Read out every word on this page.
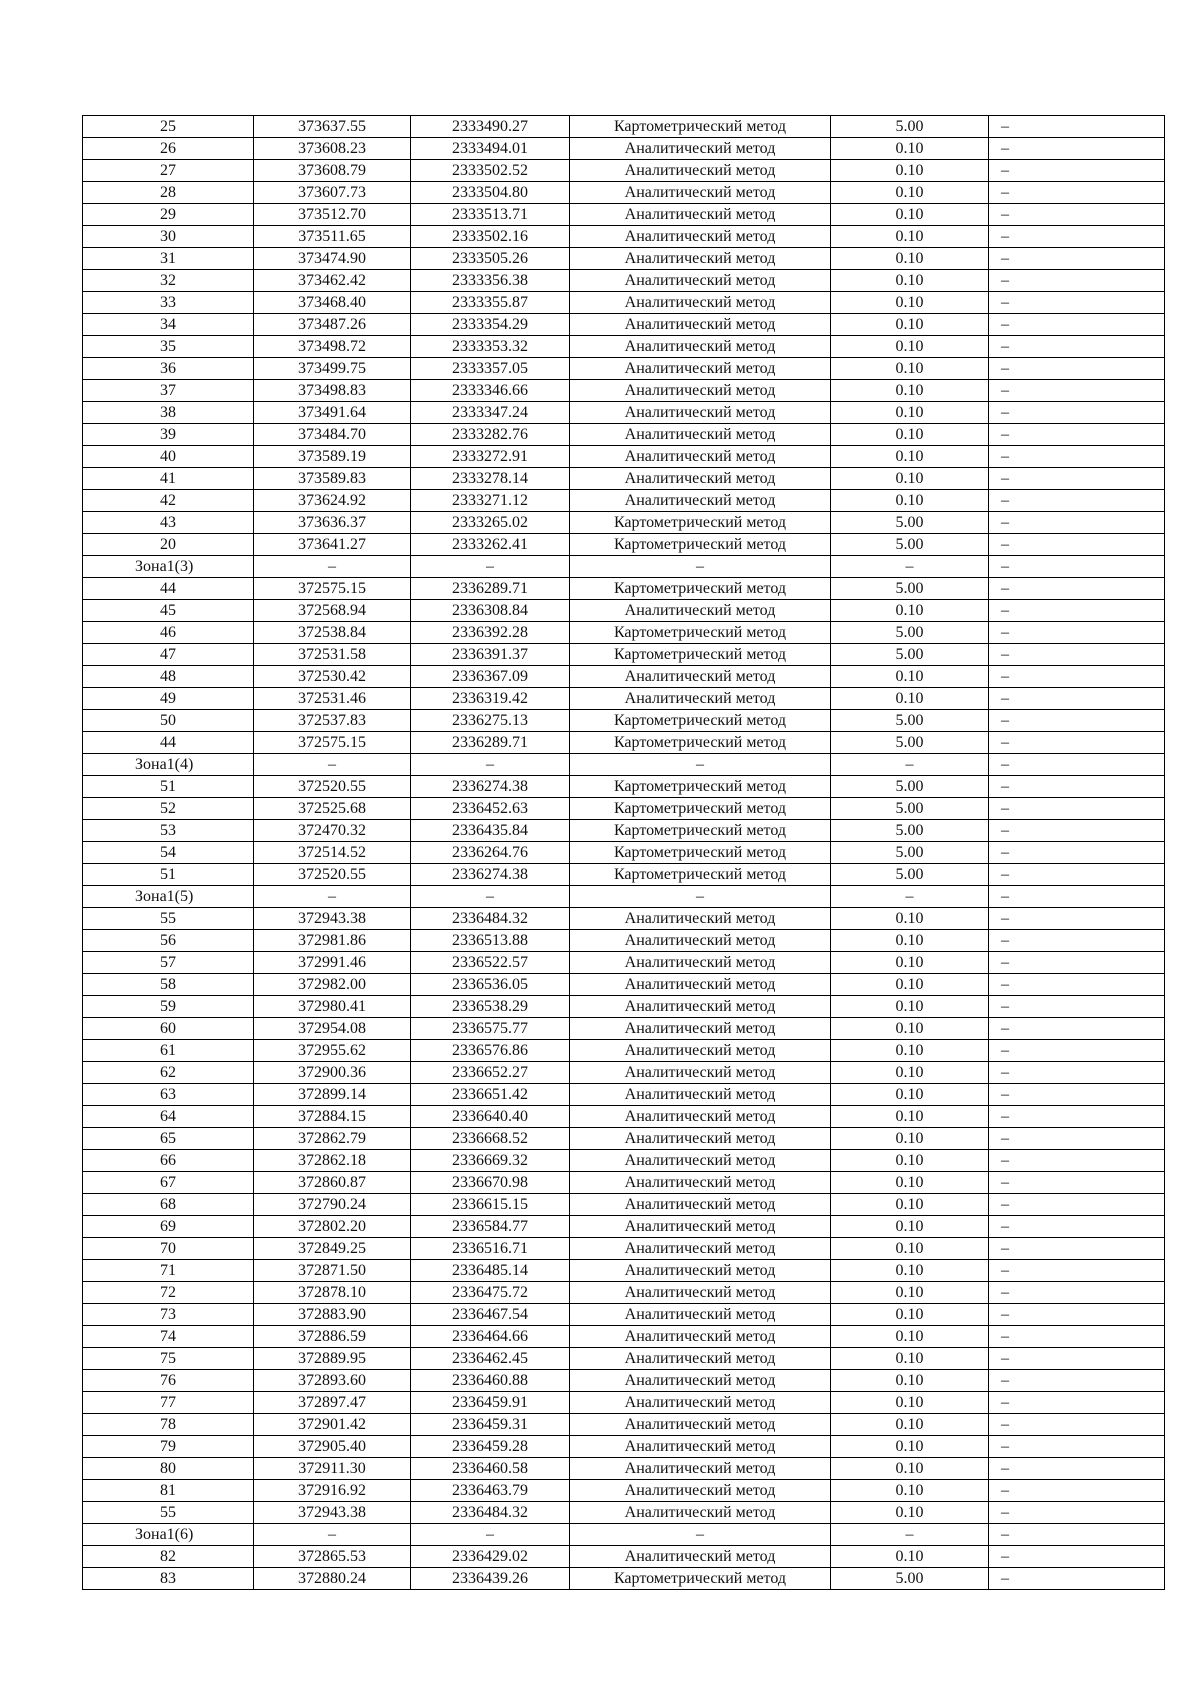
25	373637.55	2333490.27	Картометрический метод	5.00	–
26	373608.23	2333494.01	Аналитический метод	0.10	–
27	373608.79	2333502.52	Аналитический метод	0.10	–
28	373607.73	2333504.80	Аналитический метод	0.10	–
29	373512.70	2333513.71	Аналитический метод	0.10	–
30	373511.65	2333502.16	Аналитический метод	0.10	–
31	373474.90	2333505.26	Аналитический метод	0.10	–
32	373462.42	2333356.38	Аналитический метод	0.10	–
33	373468.40	2333355.87	Аналитический метод	0.10	–
34	373487.26	2333354.29	Аналитический метод	0.10	–
35	373498.72	2333353.32	Аналитический метод	0.10	–
36	373499.75	2333357.05	Аналитический метод	0.10	–
37	373498.83	2333346.66	Аналитический метод	0.10	–
38	373491.64	2333347.24	Аналитический метод	0.10	–
39	373484.70	2333282.76	Аналитический метод	0.10	–
40	373589.19	2333272.91	Аналитический метод	0.10	–
41	373589.83	2333278.14	Аналитический метод	0.10	–
42	373624.92	2333271.12	Аналитический метод	0.10	–
43	373636.37	2333265.02	Картометрический метод	5.00	–
20	373641.27	2333262.41	Картометрический метод	5.00	–
Зона1(3)	–	–	–	–	–
44	372575.15	2336289.71	Картометрический метод	5.00	–
45	372568.94	2336308.84	Аналитический метод	0.10	–
46	372538.84	2336392.28	Картометрический метод	5.00	–
47	372531.58	2336391.37	Картометрический метод	5.00	–
48	372530.42	2336367.09	Аналитический метод	0.10	–
49	372531.46	2336319.42	Аналитический метод	0.10	–
50	372537.83	2336275.13	Картометрический метод	5.00	–
44	372575.15	2336289.71	Картометрический метод	5.00	–
Зона1(4)	–	–	–	–	–
51	372520.55	2336274.38	Картометрический метод	5.00	–
52	372525.68	2336452.63	Картометрический метод	5.00	–
53	372470.32	2336435.84	Картометрический метод	5.00	–
54	372514.52	2336264.76	Картометрический метод	5.00	–
51	372520.55	2336274.38	Картометрический метод	5.00	–
Зона1(5)	–	–	–	–	–
55	372943.38	2336484.32	Аналитический метод	0.10	–
56	372981.86	2336513.88	Аналитический метод	0.10	–
57	372991.46	2336522.57	Аналитический метод	0.10	–
58	372982.00	2336536.05	Аналитический метод	0.10	–
59	372980.41	2336538.29	Аналитический метод	0.10	–
60	372954.08	2336575.77	Аналитический метод	0.10	–
61	372955.62	2336576.86	Аналитический метод	0.10	–
62	372900.36	2336652.27	Аналитический метод	0.10	–
63	372899.14	2336651.42	Аналитический метод	0.10	–
64	372884.15	2336640.40	Аналитический метод	0.10	–
65	372862.79	2336668.52	Аналитический метод	0.10	–
66	372862.18	2336669.32	Аналитический метод	0.10	–
67	372860.87	2336670.98	Аналитический метод	0.10	–
68	372790.24	2336615.15	Аналитический метод	0.10	–
69	372802.20	2336584.77	Аналитический метод	0.10	–
70	372849.25	2336516.71	Аналитический метод	0.10	–
71	372871.50	2336485.14	Аналитический метод	0.10	–
72	372878.10	2336475.72	Аналитический метод	0.10	–
73	372883.90	2336467.54	Аналитический метод	0.10	–
74	372886.59	2336464.66	Аналитический метод	0.10	–
75	372889.95	2336462.45	Аналитический метод	0.10	–
76	372893.60	2336460.88	Аналитический метод	0.10	–
77	372897.47	2336459.91	Аналитический метод	0.10	–
78	372901.42	2336459.31	Аналитический метод	0.10	–
79	372905.40	2336459.28	Аналитический метод	0.10	–
80	372911.30	2336460.58	Аналитический метод	0.10	–
81	372916.92	2336463.79	Аналитический метод	0.10	–
55	372943.38	2336484.32	Аналитический метод	0.10	–
Зона1(6)	–	–	–	–	–
82	372865.53	2336429.02	Аналитический метод	0.10	–
83	372880.24	2336439.26	Картометрический метод	5.00	–
